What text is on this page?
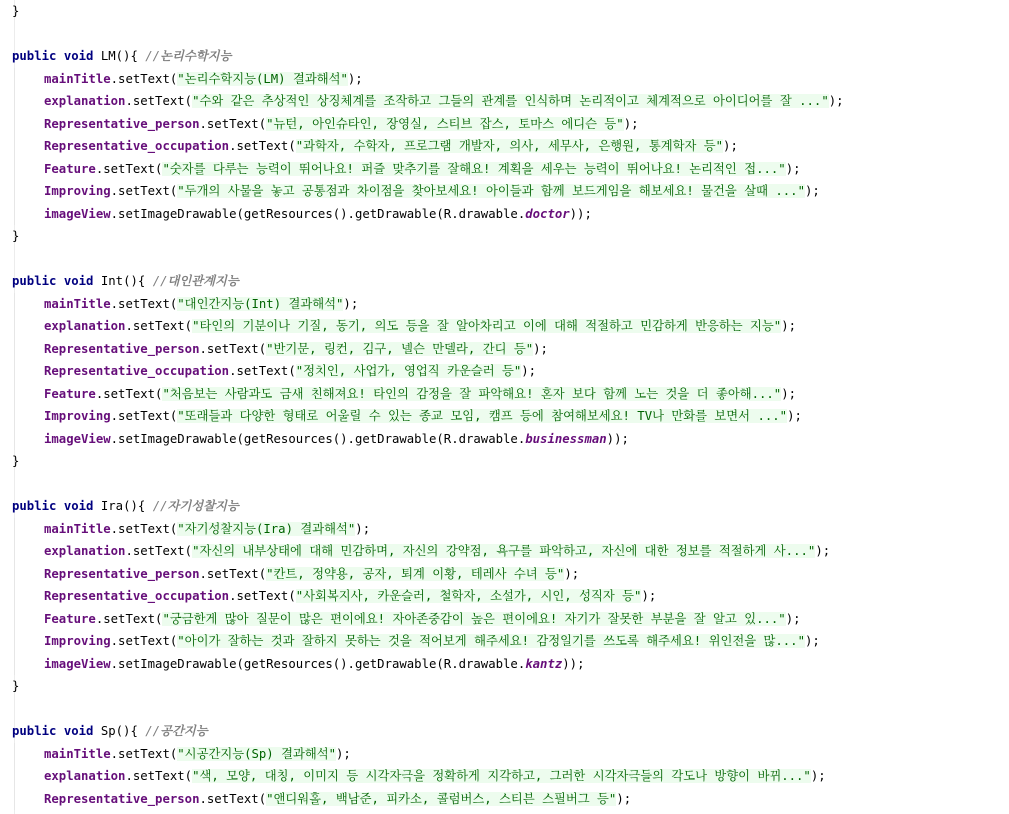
}

public void LM(){ //논리수학지능
mainTitle.setText("논리수학지능(LM) 결과해석");
explanation.setText("수와 같은 추상적인 상징체계를 조작하고 그들의 관계를 인식하며 논리적이고 체계적으로 아이디어를 잘 ...");
Representative_person.setText("뉴턴, 아인슈타인, 장영실, 스티브 잡스, 토마스 에디슨 등");
Representative_occupation.setText("과학자, 수학자, 프로그램 개발자, 의사, 세무사, 은행원, 통계학자 등");
Feature.setText("숫자를 다루는 능력이 뛰어나요! 퍼즐 맞추기를 잘해요! 계획을 세우는 능력이 뛰어나요! 논리적인 접...");
Improving.setText("두개의 사물을 놓고 공통점과 차이점을 찾아보세요! 아이들과 함께 보드게임을 해보세요! 물건을 살때 ...");
imageView.setImageDrawable(getResources().getDrawable(R.drawable.doctor));
}

public void Int(){ //대인관계지능
mainTitle.setText("대인간지능(Int) 결과해석");
explanation.setText("타인의 기분이나 기질, 동기, 의도 등을 잘 알아차리고 이에 대해 적절하고 민감하게 반응하는 지능");
Representative_person.setText("반기문, 링컨, 김구, 넬슨 만델라, 간디 등");
Representative_occupation.setText("정치인, 사업가, 영업직 카운슬러 등");
Feature.setText("처음보는 사람과도 금새 친해져요! 타인의 감정을 잘 파악해요! 혼자 보다 함께 노는 것을 더 좋아해...");
Improving.setText("또래들과 다양한 형태로 어울릴 수 있는 종교 모임, 캠프 등에 참여해보세요! TV나 만화를 보면서 ...");
imageView.setImageDrawable(getResources().getDrawable(R.drawable.businessman));
}

public void Ira(){ //자기성찰지능
mainTitle.setText("자기성찰지능(Ira) 결과해석");
explanation.setText("자신의 내부상태에 대해 민감하며, 자신의 강약점, 욕구를 파악하고, 자신에 대한 정보를 적절하게 사...");
Representative_person.setText("칸트, 정약용, 공자, 퇴계 이황, 테레사 수녀 등");
Representative_occupation.setText("사회복지사, 카운슬러, 철학자, 소설가, 시인, 성직자 등");
Feature.setText("궁금한게 많아 질문이 많은 편이에요! 자아존중감이 높은 편이에요! 자기가 잘못한 부분을 잘 알고 있...");
Improving.setText("아이가 잘하는 것과 잘하지 못하는 것을 적어보게 해주세요! 감정일기를 쓰도록 해주세요! 위인전을 많...");
imageView.setImageDrawable(getResources().getDrawable(R.drawable.kantz));
}

public void Sp(){ //공간지능
mainTitle.setText("시공간지능(Sp) 결과해석");
explanation.setText("색, 모양, 대칭, 이미지 등 시각자극을 정확하게 지각하고, 그러한 시각자극들의 각도나 방향이 바뀌...");
Representative_person.setText("앤디워홀, 백남준, 피카소, 콜럼버스, 스티븐 스필버그 등");
